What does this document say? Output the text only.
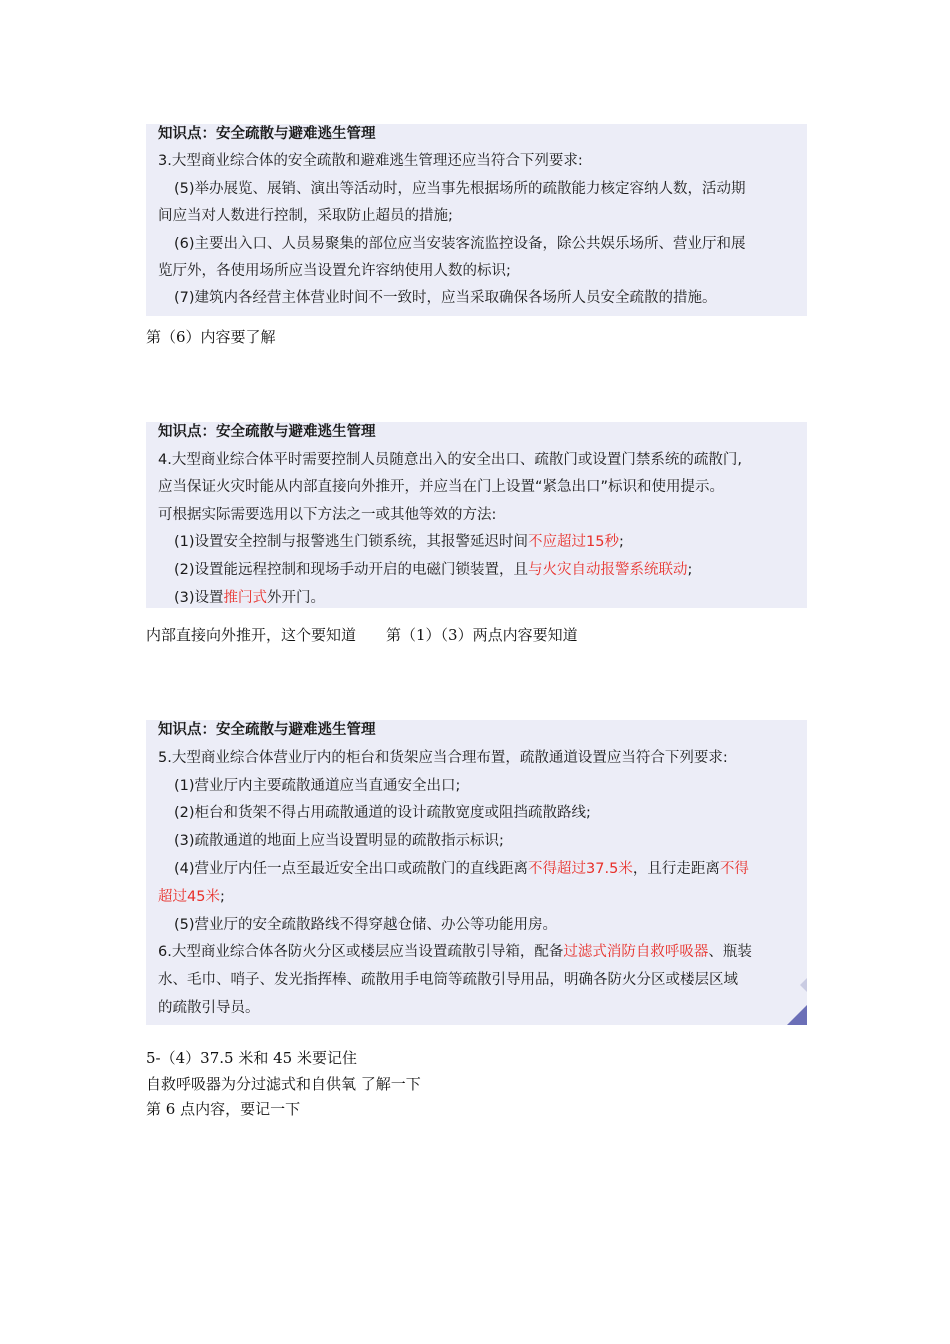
知识点：安全疏散与避难逃生管理
3.大型商业综合体的安全疏散和避难逃生管理还应当符合下列要求:
(5)举办展览、展销、演出等活动时，应当事先根据场所的疏散能力核定容纳人数，活动期
间应当对人数进行控制，采取防止超员的措施;
(6)主要出入口、人员易聚集的部位应当安装客流监控设备，除公共娱乐场所、营业厅和展
览厅外，各使用场所应当设置允许容纳使用人数的标识;
(7)建筑内各经营主体营业时间不一致时，应当采取确保各场所人员安全疏散的措施。
第（6）内容要了解
知识点：安全疏散与避难逃生管理
4.大型商业综合体平时需要控制人员随意出入的安全出口、疏散门或设置门禁系统的疏散门,
应当保证火灾时能从内部直接向外推开，并应当在门上设置“紧急出口”标识和使用提示。
可根据实际需要选用以下方法之一或其他等效的方法:
(1)设置安全控制与报警逃生门锁系统，其报警延迟时间不应超过15秒;
(2)设置能远程控制和现场手动开启的电磁门锁装置，且与火灾自动报警系统联动;
(3)设置推闩式外开门。
内部直接向外推开，这个要知道　　第（1）（3）两点内容要知道
知识点：安全疏散与避难逃生管理
5.大型商业综合体营业厅内的柜台和货架应当合理布置，疏散通道设置应当符合下列要求:
(1)营业厅内主要疏散通道应当直通安全出口;
(2)柜台和货架不得占用疏散通道的设计疏散宽度或阻挡疏散路线;
(3)疏散通道的地面上应当设置明显的疏散指示标识;
(4)营业厅内任一点至最近安全出口或疏散门的直线距离不得超过37.5米，且行走距离不得
超过45米;
(5)营业厅的安全疏散路线不得穿越仓储、办公等功能用房。
6.大型商业综合体各防火分区或楼层应当设置疏散引导箱，配备过滤式消防自救呼吸器、瓶装
水、毛巾、哨子、发光指挥棒、疏散用手电筒等疏散引导用品，明确各防火分区或楼层区域
的疏散引导员。
5-（4）37.5 米和 45 米要记住
自救呼吸器为分过滤式和自供氧 了解一下
第 6 点内容，要记一下
